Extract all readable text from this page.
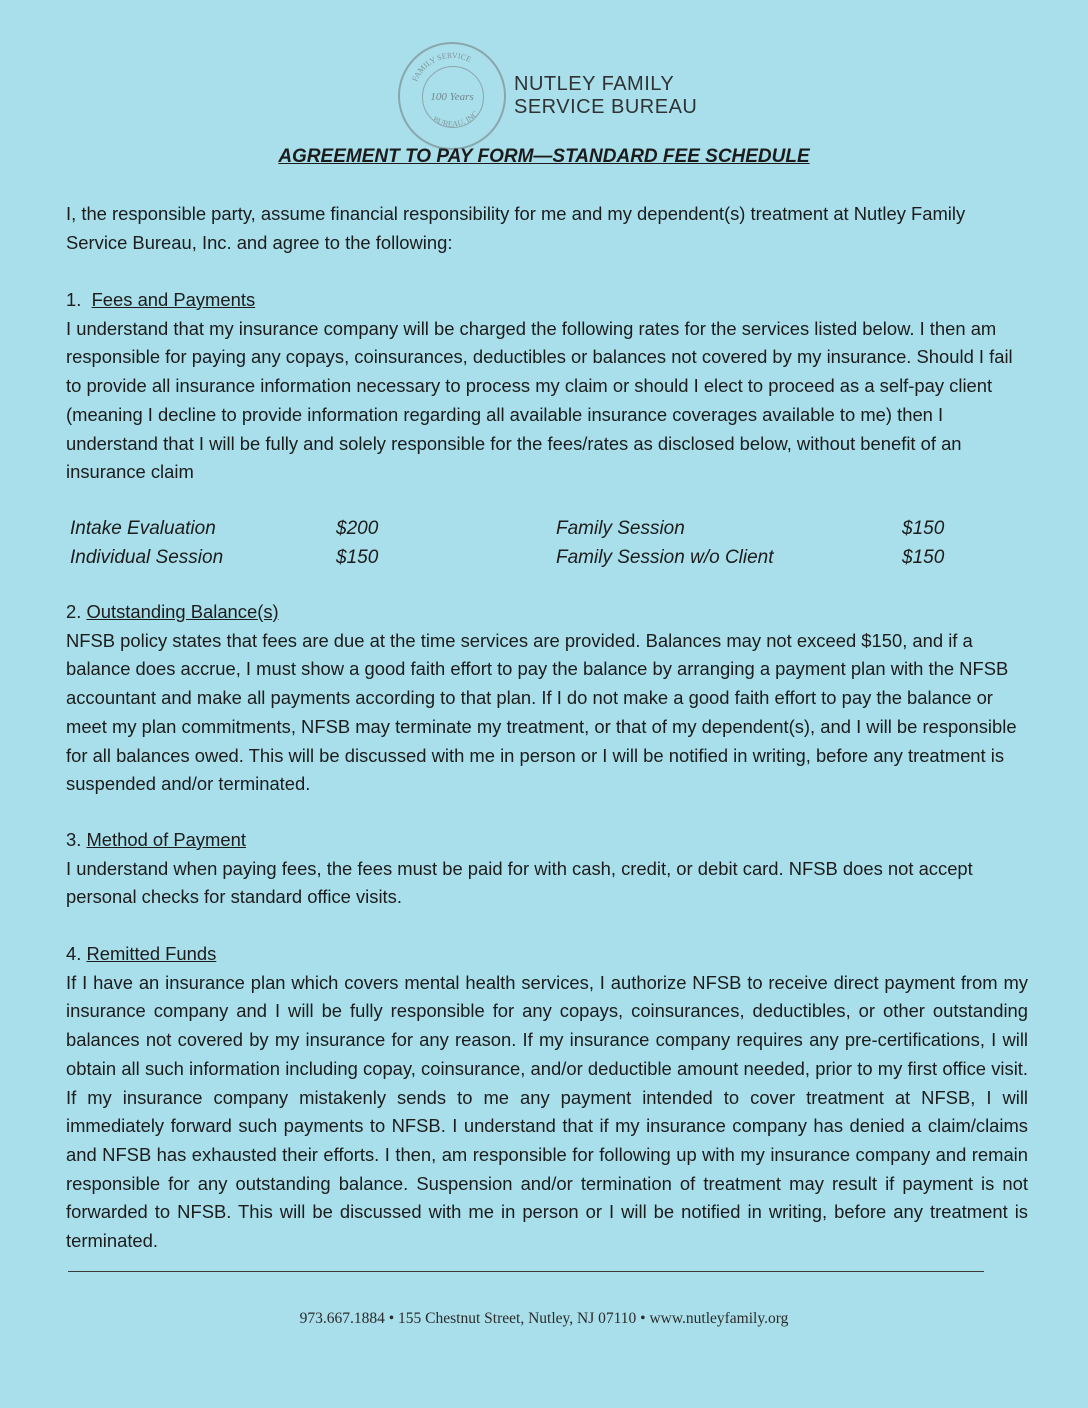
FAMILY SERVICE
BUREAU, INC
100 Years
NUTLEY FAMILY
SERVICE BUREAU
AGREEMENT TO PAY FORM—STANDARD FEE SCHEDULE
I, the responsible party, assume financial responsibility for me and my dependent(s) treatment at Nutley Family Service Bureau, Inc. and agree to the following:
1. Fees and Payments
I understand that my insurance company will be charged the following rates for the services listed below. I then am responsible for paying any copays, coinsurances, deductibles or balances not covered by my insurance. Should I fail to provide all insurance information necessary to process my claim or should I elect to proceed as a self-pay client (meaning I decline to provide information regarding all available insurance coverages available to me) then I understand that I will be fully and solely responsible for the fees/rates as disclosed below, without benefit of an insurance claim
Intake Evaluation	$200	Family Session	$150
Individual Session	$150	Family Session w/o Client	$150
2. Outstanding Balance(s)
NFSB policy states that fees are due at the time services are provided. Balances may not exceed $150, and if a balance does accrue, I must show a good faith effort to pay the balance by arranging a payment plan with the NFSB accountant and make all payments according to that plan. If I do not make a good faith effort to pay the balance or meet my plan commitments, NFSB may terminate my treatment, or that of my dependent(s), and I will be responsible for all balances owed. This will be discussed with me in person or I will be notified in writing, before any treatment is suspended and/or terminated.
3. Method of Payment
I understand when paying fees, the fees must be paid for with cash, credit, or debit card. NFSB does not accept personal checks for standard office visits.
4. Remitted Funds
If I have an insurance plan which covers mental health services, I authorize NFSB to receive direct payment from my insurance company and I will be fully responsible for any copays, coinsurances, deductibles, or other outstanding balances not covered by my insurance for any reason. If my insurance company requires any pre-certifications, I will obtain all such information including copay, coinsurance, and/or deductible amount needed, prior to my first office visit. If my insurance company mistakenly sends to me any payment intended to cover treatment at NFSB, I will immediately forward such payments to NFSB. I understand that if my insurance company has denied a claim/claims and NFSB has exhausted their efforts. I then, am responsible for following up with my insurance company and remain responsible for any outstanding balance. Suspension and/or termination of treatment may result if payment is not forwarded to NFSB. This will be discussed with me in person or I will be notified in writing, before any treatment is terminated.
973.667.1884 • 155 Chestnut Street, Nutley, NJ 07110 • www.nutleyfamily.org
